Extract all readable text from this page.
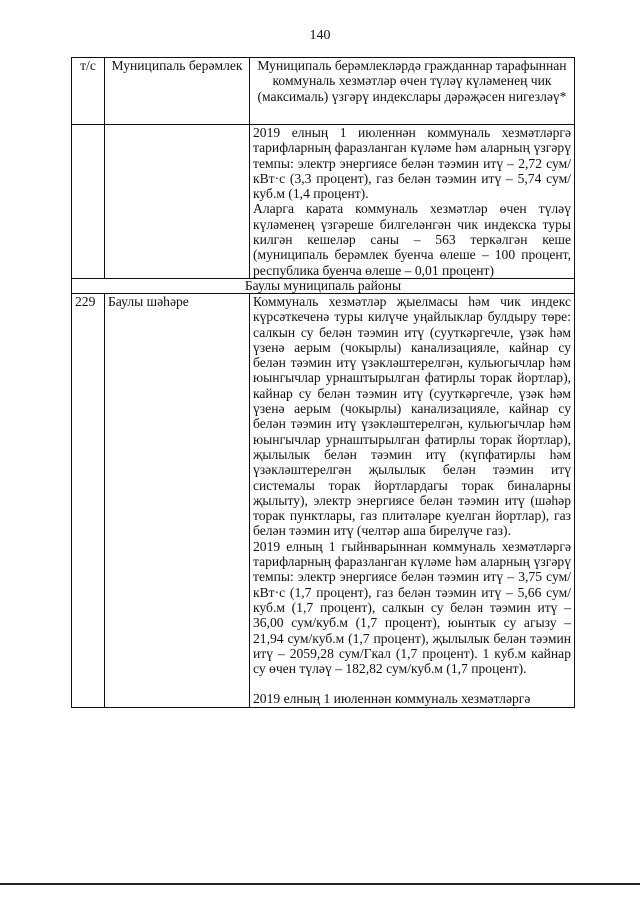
140
т/с	Муниципаль берәмлек	Муниципаль берәмлекләрдә гражданнар тарафыннан коммуналь хезмәтләр өчен түләү күләменең чик (максималь) үзгәрү индекслары дәрәҗәсен нигезләү*

		2019 елның 1 июленнән коммуналь хезмәтләргә тарифларның фаразланган күләме һәм аларның үзгәрү темпы: электр энергиясе белән тәэмин итү – 2,72 сум/кВт·с (3,3 процент), газ белән тәэмин итү – 5,74 сум/куб.м (1,4 процент).

Аларга карата коммуналь хезмәтләр өчен түләү күләменең үзгәреше билгеләнгән чик индекска туры килгән кешеләр саны – 563 теркәлгән кеше (муниципаль берәмлек буенча өлеше – 100 процент, республика буенча өлеше – 0,01 процент)

Баулы муниципаль районы		
229	Баулы шәһәре	Коммуналь хезмәтләр җыелмасы һәм чик индекс күрсәткеченә туры килүче уңайлыклар булдыру төре: салкын су белән тәэмин итү (сууткәргечле, үзәк һәм үзенә аерым (чокырлы) канализацияле, кайнар су белән тәэмин итү үзәкләштерелгән, кульюгычлар һәм юынгычлар урнаштырылган фатирлы торак йортлар), кайнар су белән тәэмин итү (сууткәргечле, үзәк һәм үзенә аерым (чокырлы) канализацияле, кайнар су белән тәэмин итү үзәкләштерелгән, кульюгычлар һәм юынгычлар урнаштырылган фатирлы торак йортлар), җылылык белән тәэмин итү (күпфатирлы һәм үзәкләштерелгән җылылык белән тәэмин итү системалы торак йортлардагы торак биналарны җылыту), электр энергиясе белән тәэмин итү (шәһәр торак пунктлары, газ плитәләре куелган йортлар), газ белән тәэмин итү (челтәр аша бирелүче газ).

2019 елның 1 гыйнварыннан коммуналь хезмәтләргә тарифларның фаразланган күләме һәм аларның үзгәрү темпы: электр энергиясе белән тәэмин итү – 3,75 сум/кВт·с (1,7 процент), газ белән тәэмин итү – 5,66 сум/куб.м (1,7 процент), салкын су белән тәэмин итү – 36,00 сум/куб.м (1,7 процент), юынтык су агызу – 21,94 сум/куб.м (1,7 процент), җылылык белән тәэмин итү – 2059,28 сум/Гкал (1,7 процент). 1 куб.м кайнар су өчен түләү – 182,82 сум/куб.м (1,7 процент).

2019 елның 1 июленнән коммуналь хезмәтләргә
